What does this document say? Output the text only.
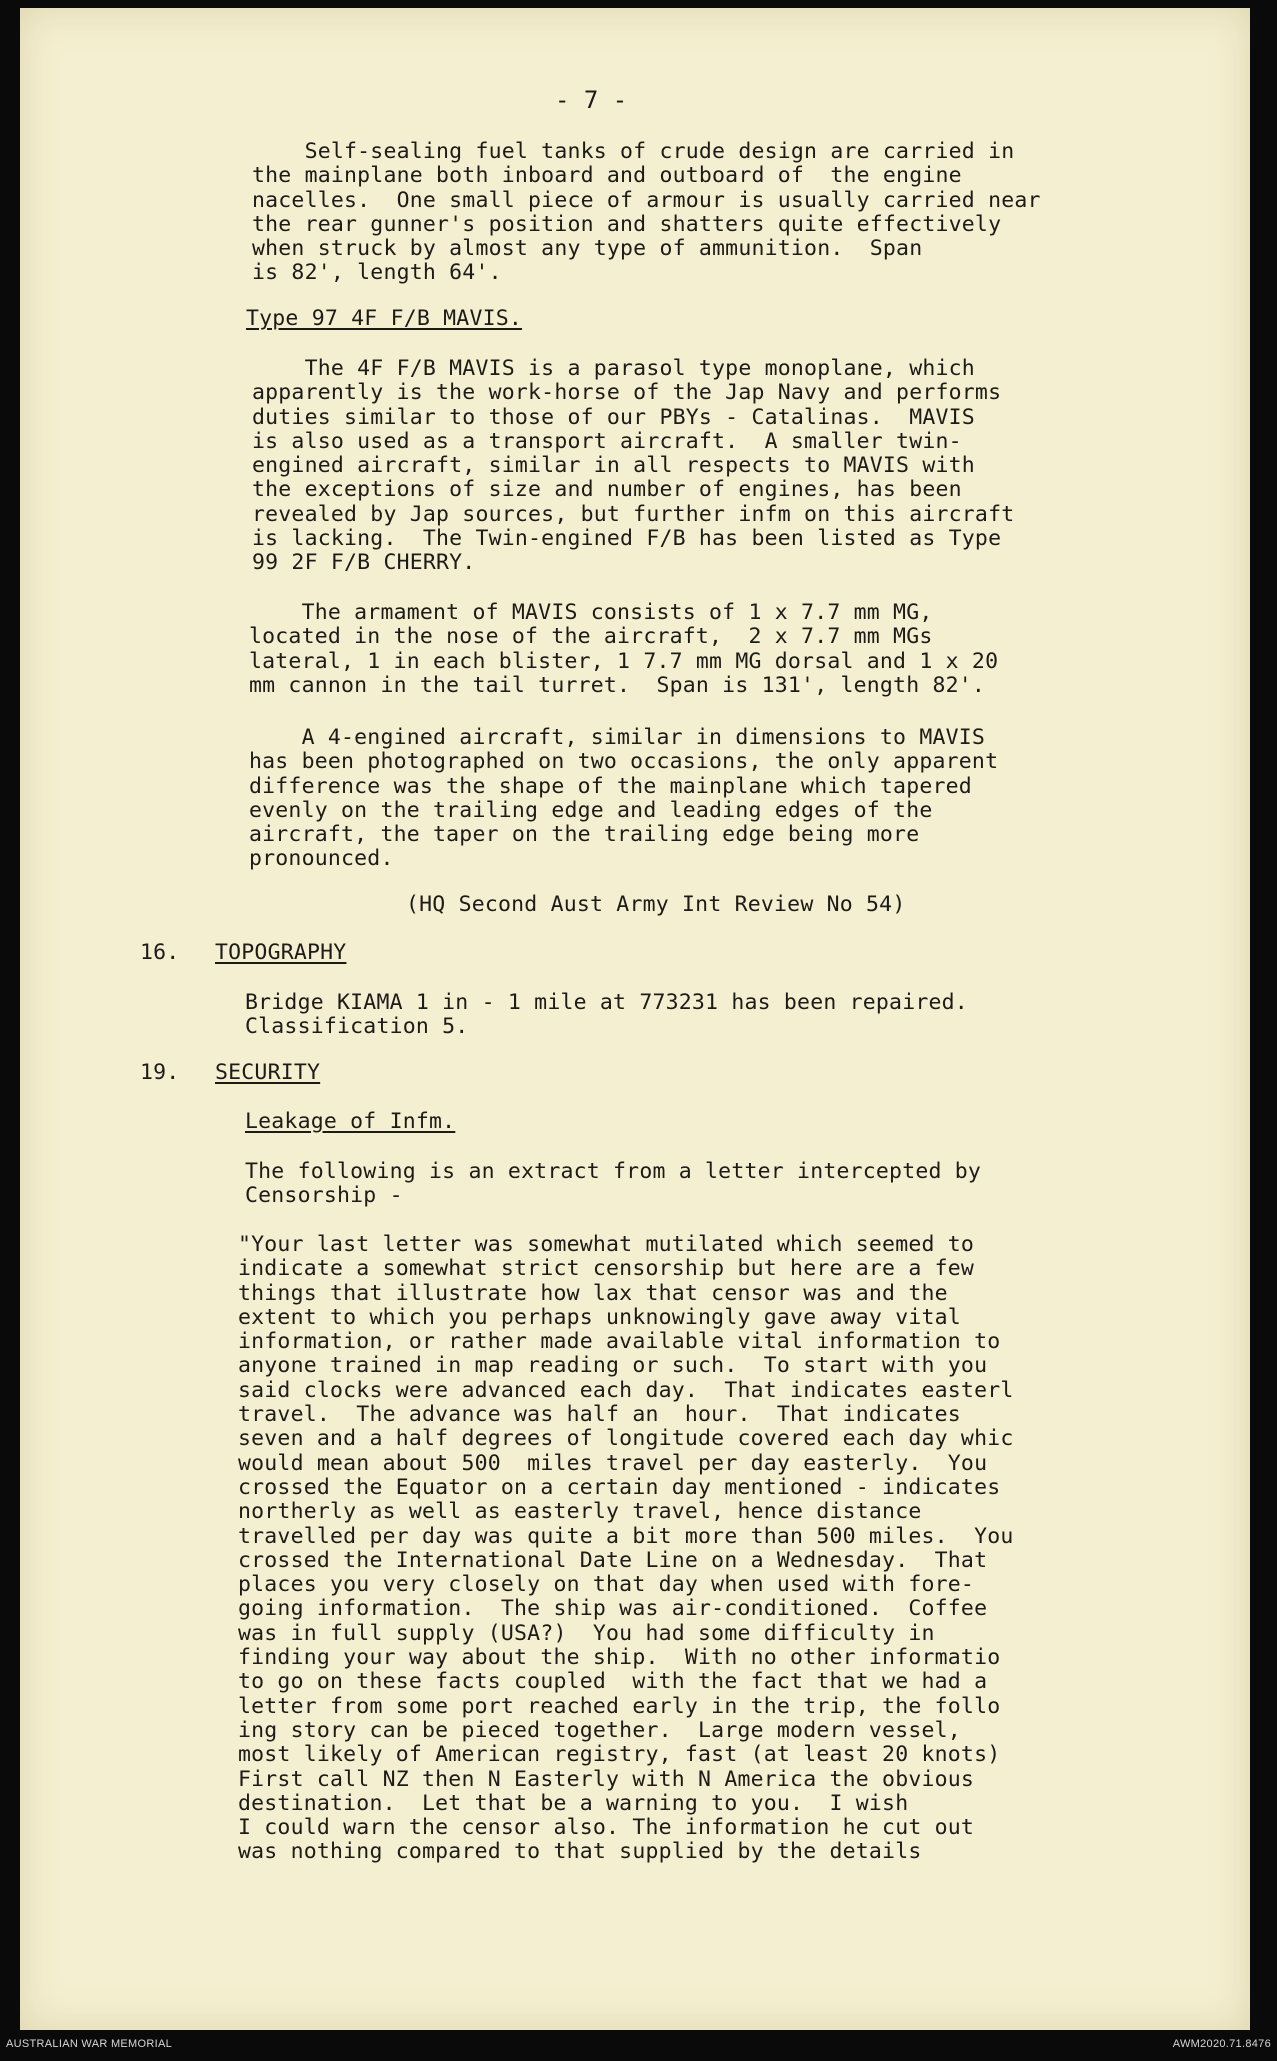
- 7 -
Self-sealing fuel tanks of crude design are carried in
the mainplane both inboard and outboard of  the engine
nacelles.  One small piece of armour is usually carried near
the rear gunner's position and shatters quite effectively
when struck by almost any type of ammunition.  Span
is 82', length 64'.
Type 97 4F F/B MAVIS.
The 4F F/B MAVIS is a parasol type monoplane, which
apparently is the work-horse of the Jap Navy and performs
duties similar to those of our PBYs - Catalinas.  MAVIS
is also used as a transport aircraft.  A smaller twin-
engined aircraft, similar in all respects to MAVIS with
the exceptions of size and number of engines, has been
revealed by Jap sources, but further infm on this aircraft
is lacking.  The Twin-engined F/B has been listed as Type
99 2F F/B CHERRY.
The armament of MAVIS consists of 1 x 7.7 mm MG,
located in the nose of the aircraft,  2 x 7.7 mm MGs
lateral, 1 in each blister, 1 7.7 mm MG dorsal and 1 x 20
mm cannon in the tail turret.  Span is 131', length 82'.
A 4-engined aircraft, similar in dimensions to MAVIS
has been photographed on two occasions, the only apparent
difference was the shape of the mainplane which tapered
evenly on the trailing edge and leading edges of the
aircraft, the taper on the trailing edge being more
pronounced.
(HQ Second Aust Army Int Review No 54)
16. TOPOGRAPHY
Bridge KIAMA 1 in - 1 mile at 773231 has been repaired.
Classification 5.
19. SECURITY
Leakage of Infm.
The following is an extract from a letter intercepted by
Censorship -
"Your last letter was somewhat mutilated which seemed to
indicate a somewhat strict censorship but here are a few
things that illustrate how lax that censor was and the
extent to which you perhaps unknowingly gave away vital
information, or rather made available vital information to
anyone trained in map reading or such.  To start with you
said clocks were advanced each day.  That indicates easterl
travel.  The advance was half an  hour.  That indicates
seven and a half degrees of longitude covered each day whic
would mean about 500  miles travel per day easterly.  You
crossed the Equator on a certain day mentioned - indicates
northerly as well as easterly travel, hence distance
travelled per day was quite a bit more than 500 miles.  You
crossed the International Date Line on a Wednesday.  That
places you very closely on that day when used with fore-
going information.  The ship was air-conditioned.  Coffee
was in full supply (USA?)  You had some difficulty in
finding your way about the ship.  With no other informatio
to go on these facts coupled  with the fact that we had a
letter from some port reached early in the trip, the follo
ing story can be pieced together.  Large modern vessel,
most likely of American registry, fast (at least 20 knots)
First call NZ then N Easterly with N America the obvious
destination.  Let that be a warning to you.  I wish
I could warn the censor also. The information he cut out
was nothing compared to that supplied by the details
AUSTRALIAN WAR MEMORIAL	AWM2020.71.8476
